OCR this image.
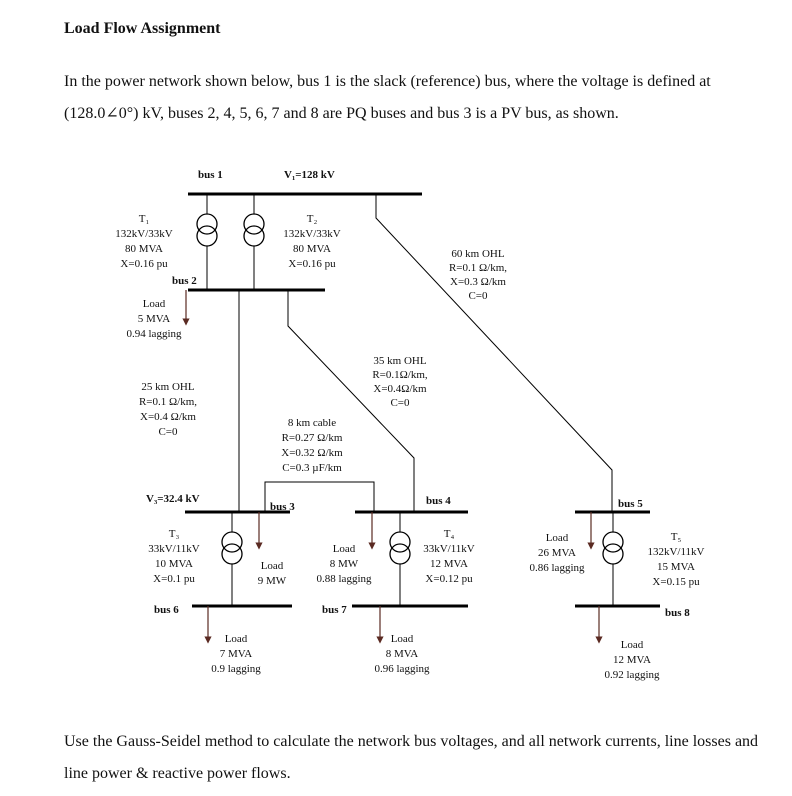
Load Flow Assignment
In the power network shown below, bus 1 is the slack (reference) bus, where the voltage is defined at (128.0∠0°) kV, buses 2, 4, 5, 6, 7 and 8 are PQ buses and bus 3 is a PV bus, as shown.
bus 1
bus 2
bus 3	bus 4	bus 5
bus 6	bus 7	bus 8
V₁=128 kV
V₃=32.4 kV
T₁
132kV/33kV
80 MVA
X=0.16 pu
T₂
132kV/33kV
80 MVA
X=0.16 pu
60 km OHL
R=0.1 Ω/km,
X=0.3 Ω/km
C=0
Load
5 MVA
0.94 lagging
35 km OHL
R=0.1Ω/km,
X=0.4Ω/km
C=0
25 km OHL
R=0.1 Ω/km,
X=0.4 Ω/km
C=0
8 km cable
R=0.27 Ω/km
X=0.32 Ω/km
C=0.3 µF/km
T₃
33kV/11kV
10 MVA
X=0.1 pu
Load
9 MW
Load
8 MW
0.88 lagging
T₄
33kV/11kV
12 MVA
X=0.12 pu
Load
26 MVA
0.86 lagging
T₅
132kV/11kV
15 MVA
X=0.15 pu
Load
7 MVA
0.9 lagging
Load
8 MVA
0.96 lagging
Load
12 MVA
0.92 lagging
Use the Gauss-Seidel method to calculate the network bus voltages, and all network currents, line losses and line power & reactive power flows.
